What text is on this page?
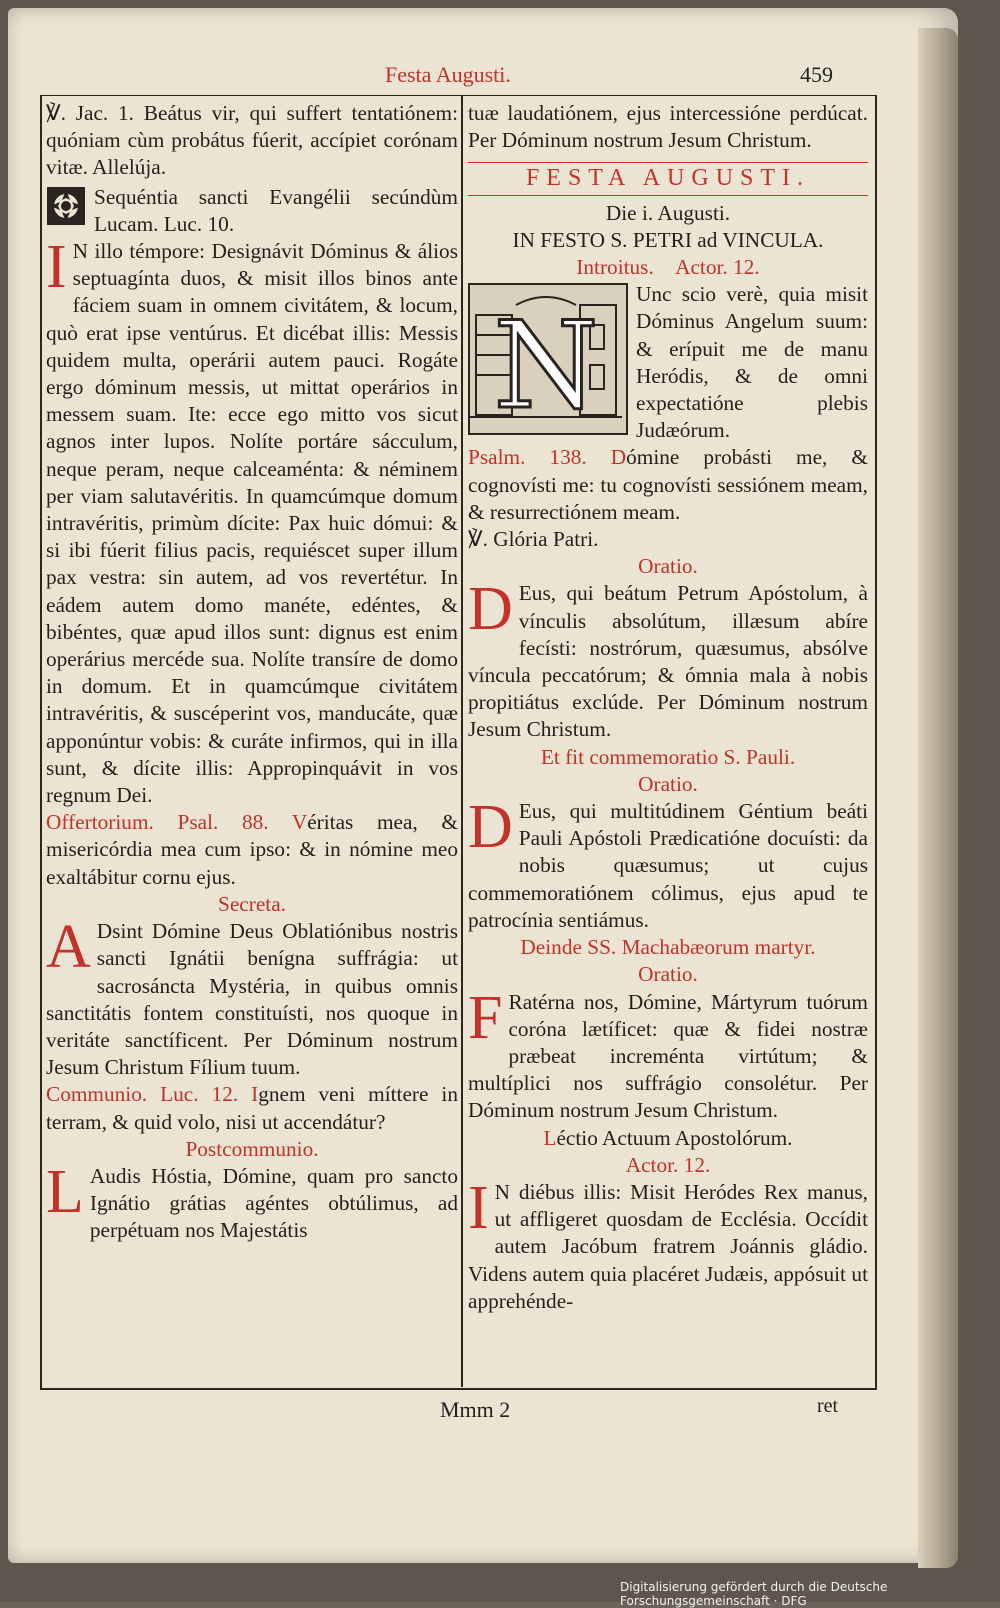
Festa Augusti.	459

℣. Jac. 1. Beátus vir, qui suffert tentatiónem: quóniam cùm probátus fúerit, accípiet corónam vitæ. Allelúja.

Sequéntia sancti Evangélii secúndùm Lucam. Luc. 10.

I N illo témpore: Designávit Dóminus & álios septuagínta duos, & misit illos binos ante fáciem suam in omnem civitátem, & locum, quò erat ipse ventúrus. Et dicébat illis: Messis quidem multa, operárii autem pauci. Rogáte ergo dóminum messis, ut mittat operários in messem suam. Ite: ecce ego mitto vos sicut agnos inter lupos. Nolíte portáre sácculum, neque peram, neque calceaménta: & néminem per viam salutavéritis. In quamcúmque domum intravéritis, primùm dícite: Pax huic dómui: & si ibi fúerit filius pacis, requiéscet super illum pax vestra: sin autem, ad vos revertétur. In eádem autem domo manéte, edéntes, & bibéntes, quæ apud illos sunt: dignus est enim operárius mercéde sua. Nolíte transíre de domo in domum. Et in quamcúmque civitátem intravéritis, & suscéperint vos, manducáte, quæ apponúntur vobis: & curáte infirmos, qui in illa sunt, & dícite illis: Appropinquávit in vos regnum Dei.

Offertorium. Psal. 88. Véritas mea, & misericórdia mea cum ipso: & in nómine meo exaltábitur cornu ejus.

Secreta.

A Dsint Dómine Deus Oblatiónibus nostris sancti Ignátii benígna suffrágia: ut sacrosáncta Mystéria, in quibus omnis sanctitátis fontem constituísti, nos quoque in veritáte sanctíficent. Per Dóminum nostrum Jesum Christum Fílium tuum.

Communio. Luc. 12. Ignem veni míttere in terram, & quid volo, nisi ut accendátur?

Postcommunio.

L Audis Hóstia, Dómine, quam pro sancto Ignátio grátias agéntes obtúlimus, ad perpétuam nos Majestátis

tuæ laudatiónem, ejus intercessióne perdúcat. Per Dóminum nostrum Jesum Christum.

FESTA AUGUSTI.

Die i. Augusti.

IN FESTO S. PETRI ad VINCULA.

Introitus. Actor. 12.

N
Unc scio verè, quia misit Dóminus Angelum suum: & erípuit me de manu Heródis, & de omni expectatióne plebis Judæórum.

Psalm. 138. Dómine probásti me, & cognovísti me: tu cognovísti sessiónem meam, & resurrectiónem meam.

℣. Glória Patri.

Oratio.

D Eus, qui beátum Petrum Apóstolum, à vínculis absolútum, illæsum abíre fecísti: nostrórum, quæsumus, absólve víncula peccatórum; & ómnia mala à nobis propitiátus exclúde. Per Dóminum nostrum Jesum Christum.

Et fit commemoratio S. Pauli.

Oratio.

D Eus, qui multitúdinem Géntium beáti Pauli Apóstoli Prædicatióne docuísti: da nobis quæsumus; ut cujus commemoratiónem cólimus, ejus apud te patrocínia sentiámus.

Deinde SS. Machabæorum martyr.

Oratio.

F Ratérna nos, Dómine, Mártyrum tuórum coróna lætíficet: quæ & fidei nostræ præbeat increménta virtútum; & multíplici nos suffrágio consolétur. Per Dóminum nostrum Jesum Christum.

Léctio Actuum Apostolórum.

Actor. 12.

I N diébus illis: Misit Heródes Rex manus, ut affligeret quosdam de Ecclésia. Occídit autem Jacóbum fratrem Joánnis gládio. Videns autem quia placéret Judæis, appósuit ut apprehénde-

Mmm 2	ret
Digitalisierung gefördert durch die Deutsche Forschungsgemeinschaft · DFG
